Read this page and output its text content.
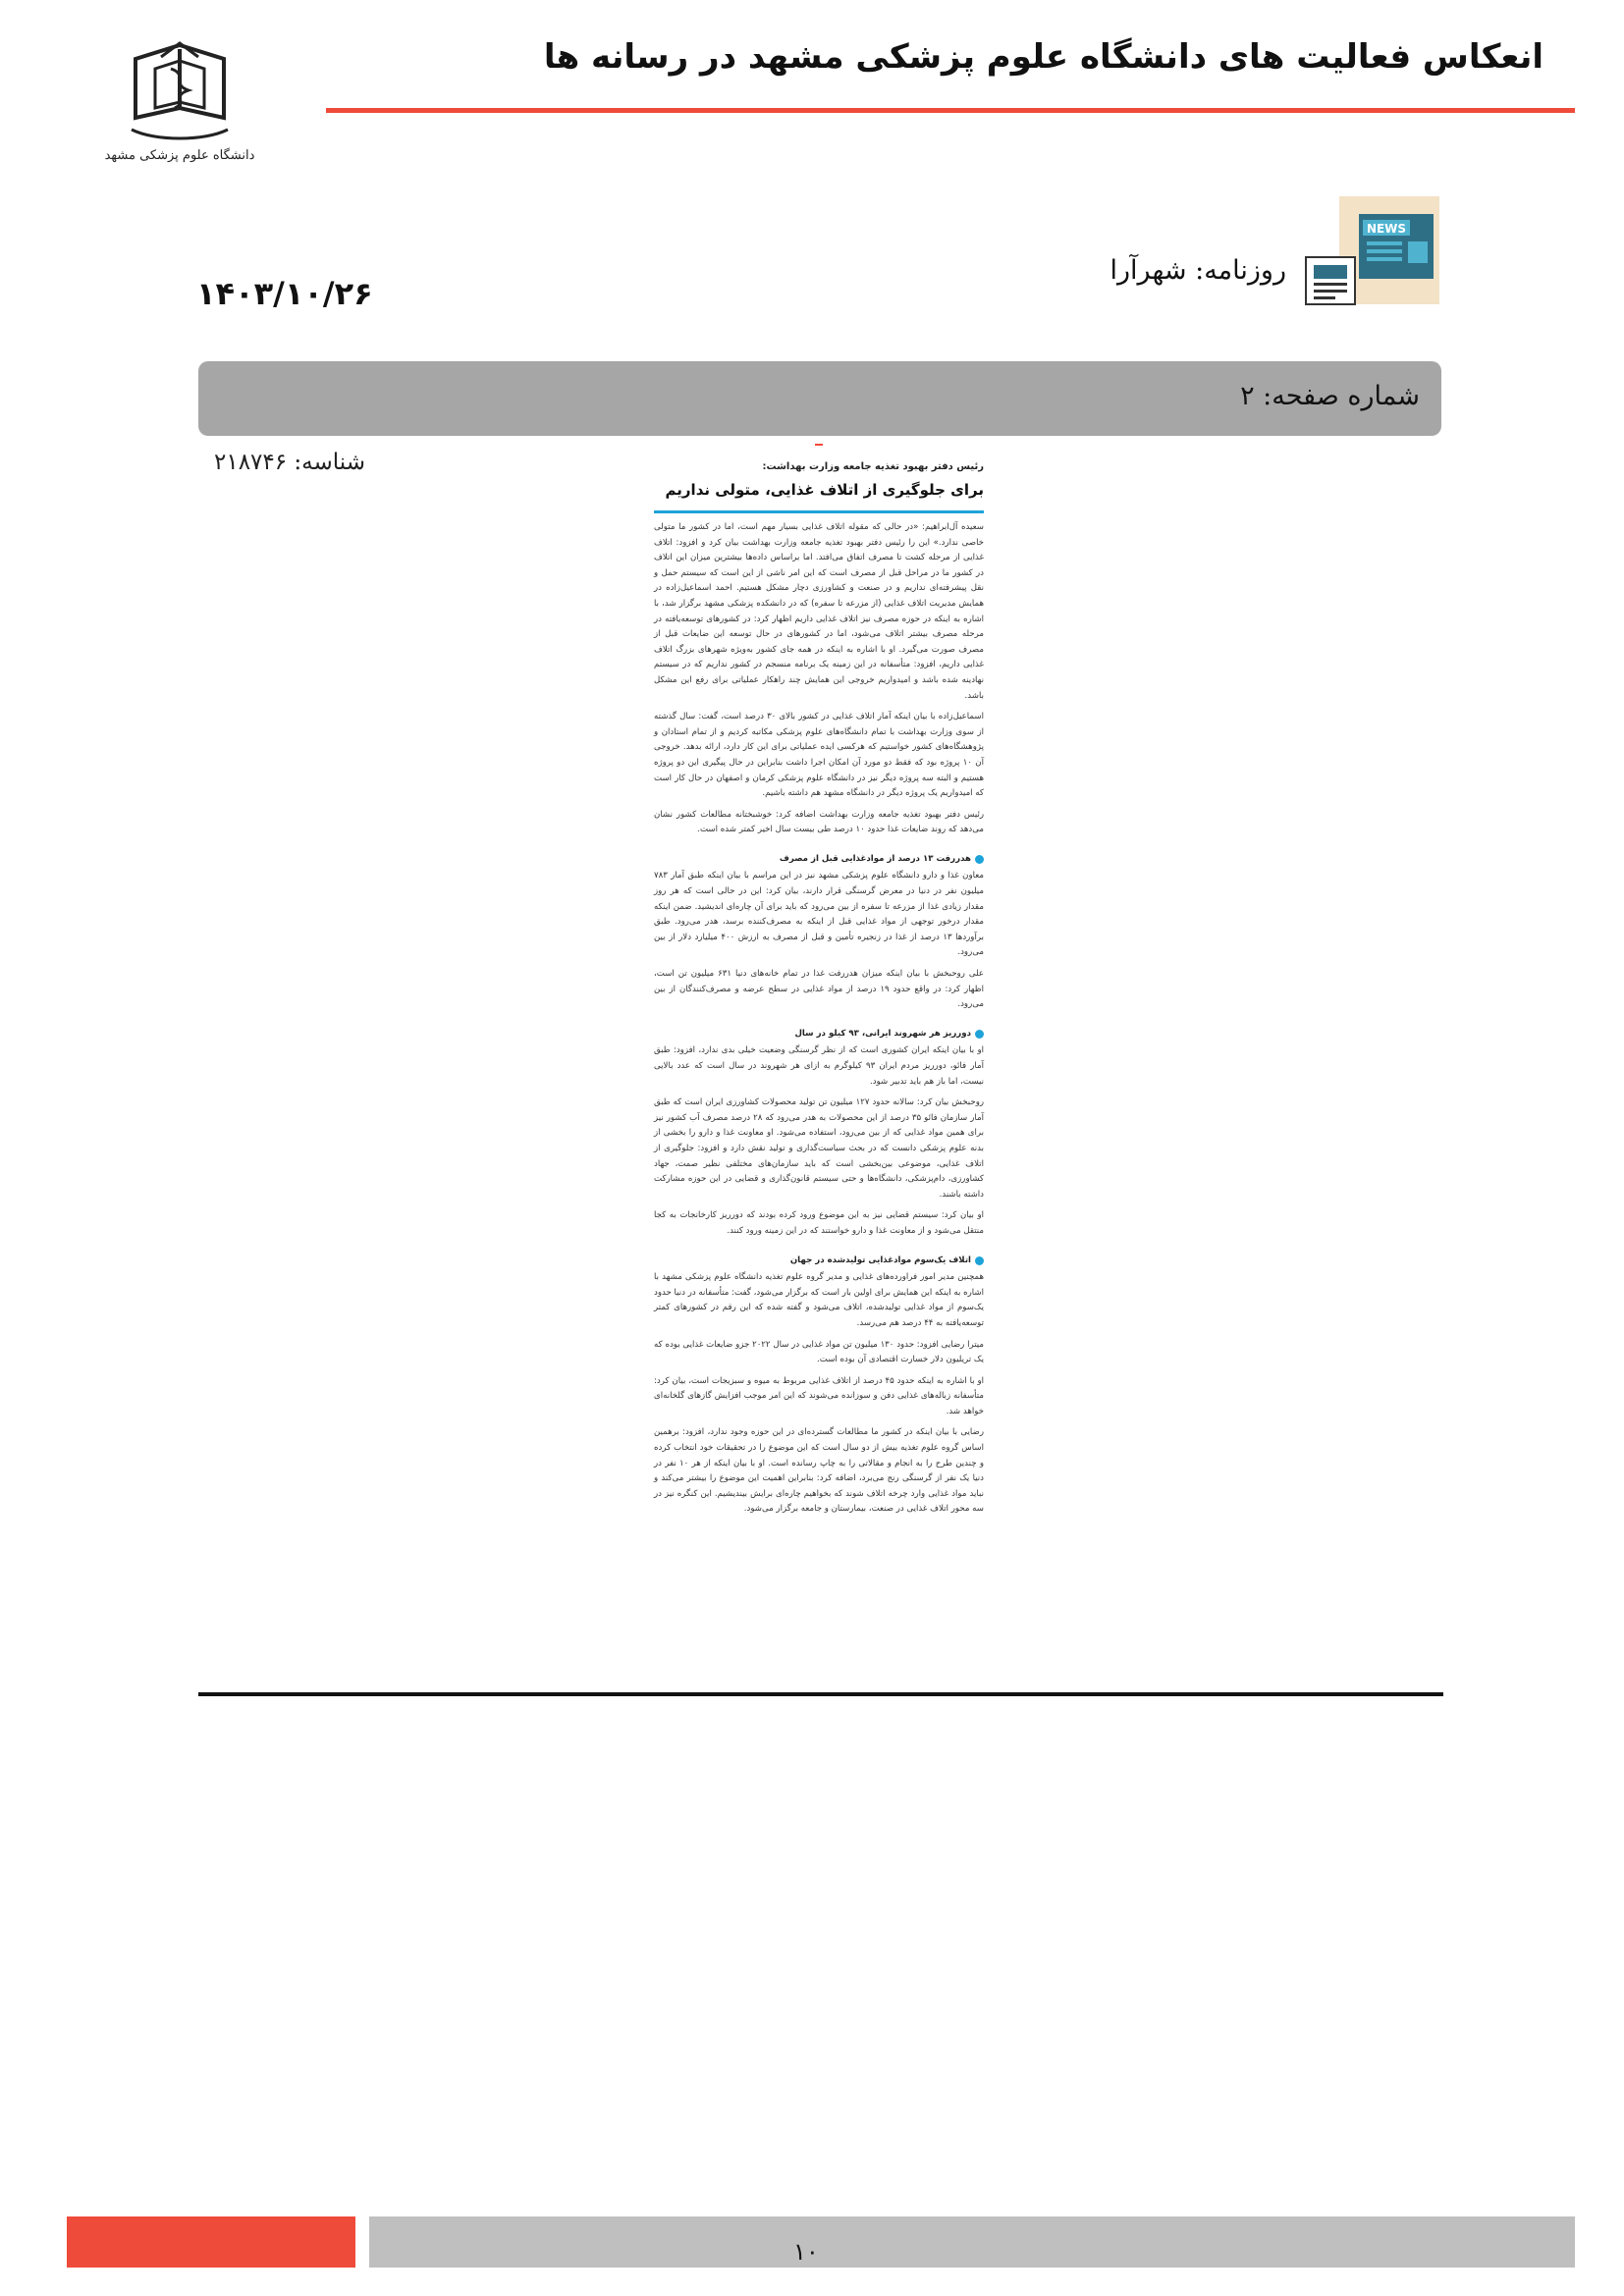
دانشگاه علوم پزشکی مشهد
انعکاس فعالیت های دانشگاه علوم پزشکی مشهد در رسانه ها
NEWS
روزنامه: شهرآرا
۱۴۰۳/۱۰/۲۶
شماره صفحه: ۲
شناسه: ۲۱۸۷۴۶	رئیس دفتر بهبود تغذیه جامعه وزارت بهداشت:
برای جلوگیری از اتلاف غذایی، متولی نداریم

سعیده آل‌ابراهیم: «در حالی که مقوله اتلاف غذایی بسیار مهم است، اما در کشور ما متولی خاصی ندارد.» این را رئیس دفتر بهبود تغذیه جامعه وزارت بهداشت بیان کرد و افزود: اتلاف غذایی از مرحله کشت تا مصرف اتفاق می‌افتد. اما براساس داده‌ها بیشترین میزان این اتلاف در کشور ما در مراحل قبل از مصرف است که این امر ناشی از این است که سیستم حمل و نقل پیشرفته‌ای نداریم و در صنعت و کشاورزی دچار مشکل هستیم. احمد اسماعیل‌زاده در همایش مدیریت اتلاف غذایی (از مزرعه تا سفره) که در دانشکده پزشکی مشهد برگزار شد، با اشاره به اینکه در حوزه مصرف نیز اتلاف غذایی داریم اظهار کرد: در کشورهای توسعه‌یافته در مرحله مصرف بیشتر اتلاف می‌شود، اما در کشورهای در حال توسعه این ضایعات قبل از مصرف صورت می‌گیرد. او با اشاره به اینکه در همه جای کشور به‌ویژه شهرهای بزرگ اتلاف غذایی داریم، افزود: متأسفانه در این زمینه یک برنامه منسجم در کشور نداریم که در سیستم نهادینه شده باشد و امیدواریم خروجی این همایش چند راهکار عملیاتی برای رفع این مشکل باشد.

اسماعیل‌زاده با بیان اینکه آمار اتلاف غذایی در کشور بالای ۳۰ درصد است، گفت: سال گذشته از سوی وزارت بهداشت با تمام دانشگاه‌های علوم پزشکی مکاتبه کردیم و از تمام استادان و پژوهشگاه‌های کشور خواستیم که هرکسی ایده عملیاتی برای این کار دارد، ارائه بدهد. خروجی آن ۱۰ پروژه بود که فقط دو مورد آن امکان اجرا داشت بنابراین در حال پیگیری این دو پروژه هستیم و البته سه پروژه دیگر نیز در دانشگاه علوم پزشکی کرمان و اصفهان در حال کار است که امیدواریم یک پروژه دیگر در دانشگاه مشهد هم داشته باشیم.

رئیس دفتر بهبود تغذیه جامعه وزارت بهداشت اضافه کرد: خوشبختانه مطالعات کشور نشان می‌دهد که روند ضایعات غذا حدود ۱۰ درصد طی بیست سال اخیر کمتر شده است.

هدررفت ۱۳ درصد از موادغذایی قبل از مصرف

معاون غذا و دارو دانشگاه علوم پزشکی مشهد نیز در این مراسم با بیان اینکه طبق آمار ۷۸۳ میلیون نفر در دنیا در معرض گرسنگی قرار دارند، بیان کرد: این در حالی است که هر روز مقدار زیادی غذا از مزرعه تا سفره از بین می‌رود که باید برای آن چاره‌ای اندیشید. ضمن اینکه مقدار درخور توجهی از مواد غذایی قبل از اینکه به مصرف‌کننده برسد، هدر می‌رود. طبق برآوردها ۱۳ درصد از غذا در زنجیره تأمین و قبل از مصرف به ارزش ۴۰۰ میلیارد دلار از بین می‌رود.

علی روحبخش با بیان اینکه میزان هدررفت غذا در تمام خانه‌های دنیا ۶۳۱ میلیون تن است، اظهار کرد: در واقع حدود ۱۹ درصد از مواد غذایی در سطح عرضه و مصرف‌کنندگان از بین می‌رود.

دورریز هر شهروند ایرانی، ۹۳ کیلو در سال

او با بیان اینکه ایران کشوری است که از نظر گرسنگی وضعیت خیلی بدی ندارد، افزود: طبق آمار فائو، دورریز مردم ایران ۹۳ کیلوگرم به ازای هر شهروند در سال است که عدد بالایی نیست، اما باز هم باید تدبیر شود.

روحبخش بیان کرد: سالانه حدود ۱۲۷ میلیون تن تولید محصولات کشاورزی ایران است که طبق آمار سازمان فائو ۳۵ درصد از این محصولات به هدر می‌رود که ۲۸ درصد مصرف آب کشور نیز برای همین مواد غذایی که از بین می‌رود، استفاده می‌شود. او معاونت غذا و دارو را بخشی از بدنه علوم پزشکی دانست که در بحث سیاست‌گذاری و تولید نقش دارد و افزود: جلوگیری از اتلاف غذایی، موضوعی بین‌بخشی است که باید سازمان‌های مختلفی نظیر صمت، جهاد کشاورزی، دام‌پزشکی، دانشگاه‌ها و حتی سیستم قانون‌گذاری و قضایی در این حوزه مشارکت داشته باشند.

او بیان کرد: سیستم قضایی نیز به این موضوع ورود کرده بودند که دورریز کارخانجات به کجا منتقل می‌شود و از معاونت غذا و دارو خواستند که در این زمینه ورود کنند.

اتلاف یک‌سوم موادغذایی تولیدشده در جهان

همچنین مدیر امور فراورده‌های غذایی و مدیر گروه علوم تغذیه دانشگاه علوم پزشکی مشهد با اشاره به اینکه این همایش برای اولین بار است که برگزار می‌شود، گفت: متأسفانه در دنیا حدود یک‌سوم از مواد غذایی تولیدشده، اتلاف می‌شود و گفته شده که این رقم در کشورهای کمتر توسعه‌یافته به ۴۴ درصد هم می‌رسد.

میترا رضایی افزود: حدود ۱۳۰ میلیون تن مواد غذایی در سال ۲۰۲۲ جزو ضایعات غذایی بوده که یک تریلیون دلار خسارت اقتصادی آن بوده است.

او با اشاره به اینکه حدود ۴۵ درصد از اتلاف غذایی مربوط به میوه و سبزیجات است، بیان کرد: متأسفانه زباله‌های غذایی دفن و سوزانده می‌شوند که این امر موجب افزایش گازهای گلخانه‌ای خواهد شد.

رضایی با بیان اینکه در کشور ما مطالعات گسترده‌ای در این حوزه وجود ندارد، افزود: برهمین اساس گروه علوم تغذیه بیش از دو سال است که این موضوع را در تحقیقات خود انتخاب کرده و چندین طرح را به انجام و مقالاتی را به چاپ رسانده است. او با بیان اینکه از هر ۱۰ نفر در دنیا یک نفر از گرسنگی رنج می‌برد، اضافه کرد: بنابراین اهمیت این موضوع را بیشتر می‌کند و نباید مواد غذایی وارد چرخه اتلاف شوند که بخواهیم چاره‌ای برایش بیندیشیم. این کنگره نیز در سه محور اتلاف غذایی در صنعت، بیمارستان و جامعه برگزار می‌شود.

۱۰
